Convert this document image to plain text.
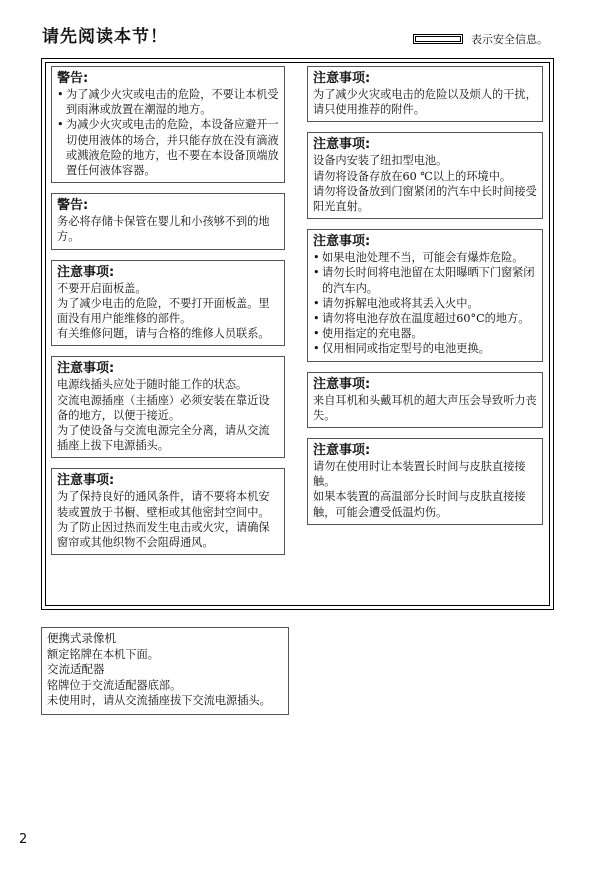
请先阅读本节！	表示安全信息。
警告:
• 为了减少火灾或电击的危险，不要让本机受到雨淋或放置在潮湿的地方。
• 为减少火灾或电击的危险，本设备应避开一切使用液体的场合，并只能存放在没有滴液或溅液危险的地方，也不要在本设备顶端放置任何液体容器。
警告:

务必将存储卡保管在婴儿和小孩够不到的地方。

注意事项:

不要开启面板盖。

为了减少电击的危险，不要打开面板盖。里面没有用户能维修的部件。

有关维修问题，请与合格的维修人员联系。

注意事项:

电源线插头应处于随时能工作的状态。

交流电源插座（主插座）必须安装在靠近设备的地方，以便于接近。

为了使设备与交流电源完全分离，请从交流插座上拔下电源插头。

注意事项:

为了保持良好的通风条件，请不要将本机安装或置放于书橱、壁柜或其他密封空间中。为了防止因过热而发生电击或火灾，请确保窗帘或其他织物不会阻碍通风。

注意事项:

为了减少火灾或电击的危险以及烦人的干扰，请只使用推荐的附件。

注意事项:

设备内安装了纽扣型电池。

请勿将设备存放在60 ℃以上的环境中。

请勿将设备放到门窗紧闭的汽车中长时间接受阳光直射。

注意事项:
• 如果电池处理不当，可能会有爆炸危险。
• 请勿长时间将电池留在太阳曝晒下门窗紧闭的汽车内。
• 请勿拆解电池或将其丢入火中。
• 请勿将电池存放在温度超过60°C的地方。
• 使用指定的充电器。
• 仅用相同或指定型号的电池更换。
注意事项:

来自耳机和头戴耳机的超大声压会导致听力丧失。

注意事项:

请勿在使用时让本装置长时间与皮肤直接接触。

如果本装置的高温部分长时间与皮肤直接接触，可能会遭受低温灼伤。

便携式录像机

额定铭牌在本机下面。

交流适配器

铭牌位于交流适配器底部。

未使用时，请从交流插座拔下交流电源插头。

2
